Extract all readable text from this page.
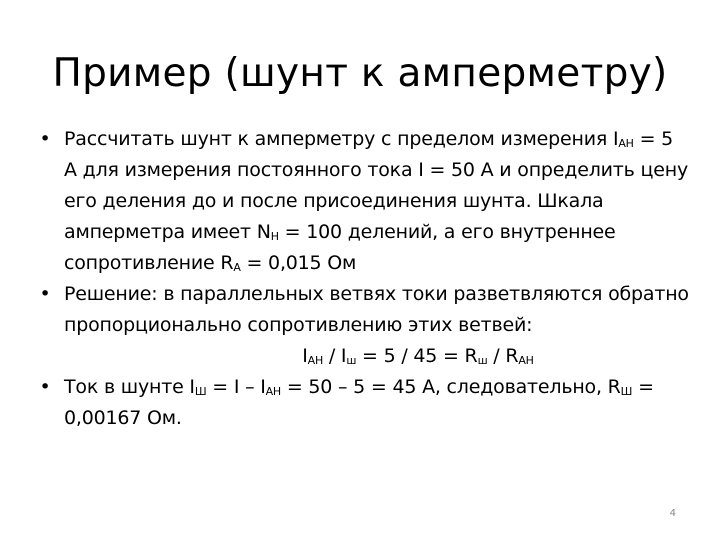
Пример (шунт к амперметру)
• Рассчитать шунт к амперметру с пределом измерения $I_{AH} = 5$ А для измерения постоянного тока I = 50 А и определить цену его деления до и после присоединения шунта. Шкала амперметра имеет $N_H = 100$ делений, а его внутреннее сопротивление $R_A = 0,015$ Ом
• Решение: в параллельных ветвях токи разветвляются обратно пропорционально сопротивлению этих ветвей:
$I_{AH} / I_ш = 5 / 45 = R_ш / R_{AH}$
• Ток в шунте $I_Ш = I - I_{AH} = 50 - 5 = 45$ А, следовательно, $R_Ш = 0,00167$ Ом.
4
